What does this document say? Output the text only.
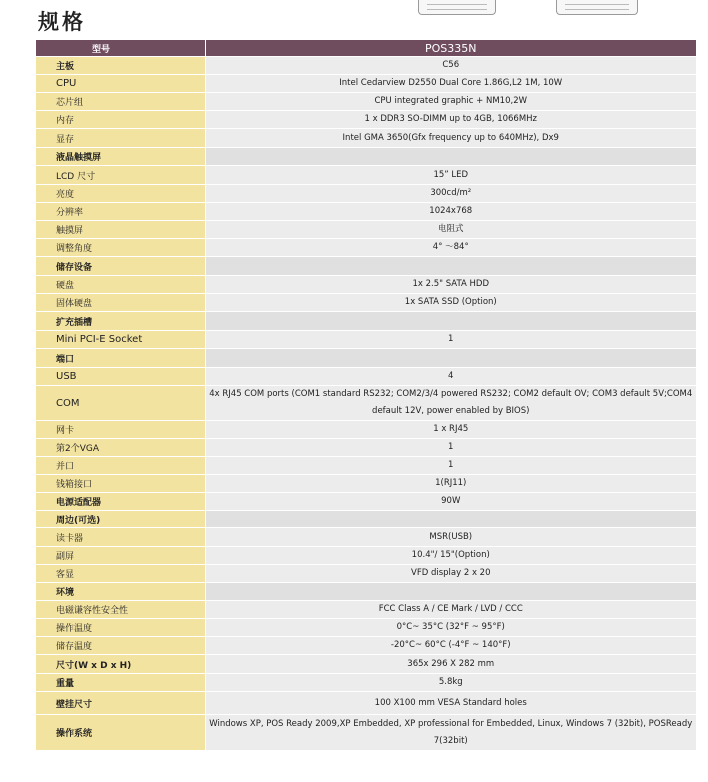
规格
型号	POS335N
主板	C56
CPU	Intel Cedarview D2550 Dual Core 1.86G,L2 1M, 10W
芯片组	CPU integrated graphic + NM10,2W
内存	1 x DDR3 SO-DIMM up to 4GB, 1066MHz
显存	Intel GMA 3650(Gfx frequency up to 640MHz), Dx9
液晶触摸屏	
LCD 尺寸	15” LED
亮度	300cd/m²
分辨率	1024x768
触摸屏	电阻式
调整角度	4° ～84°
储存设备	
硬盘	1x 2.5" SATA HDD
固体硬盘	1x SATA SSD (Option)
扩充插槽	
Mini PCI-E Socket	1
端口	
USB	4
COM	4x RJ45 COM ports (COM1 standard RS232; COM2/3/4 powered RS232; COM2 default OV; COM3 default 5V;COM4 default 12V, power enabled by BIOS)
网卡	1 x RJ45
第2个VGA	1
并口	1
钱箱接口	1(RJ11)
电源适配器	90W
周边(可选)	
读卡器	MSR(USB)
副屏	10.4"/ 15"(Option)
客显	VFD display 2 x 20
环境	
电磁谦容性安全性	FCC Class A / CE Mark / LVD / CCC
操作温度	0°C~ 35°C (32°F ~ 95°F)
储存温度	-20°C~ 60°C (-4°F ~ 140°F)
尺寸(W x D x H)	365x 296 X 282 mm
重量	5.8kg
壁挂尺寸	100 X100 mm VESA Standard holes
操作系统	Windows XP, POS Ready 2009,XP Embedded, XP professional for Embedded, Linux, Windows 7 (32bit), POSReady 7(32bit)
